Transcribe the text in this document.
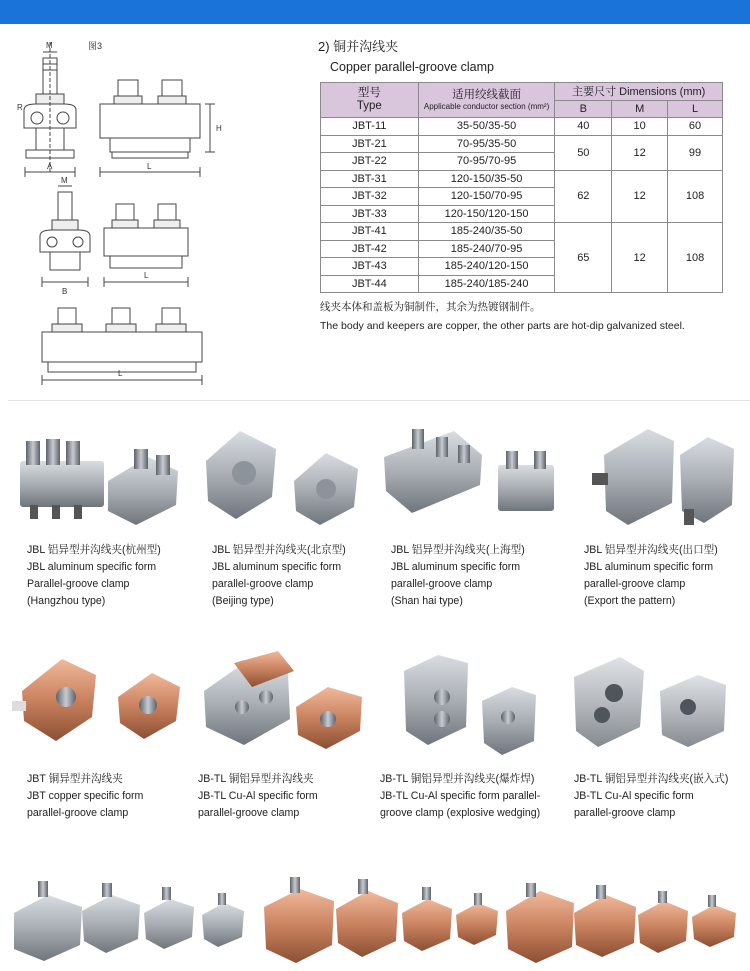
图3
M
R
A	L
H
M
B
L
L
2) 铜并沟线夹
Copper parallel-groove clamp
型号
Type	适用绞线截面
Applicable conductor section (mm²)	主要尺寸 Dimensions (mm)		
		B	M	L
JBT-11	35-50/35-50	40	10	60
JBT-21	70-95/35-50	50	12	99
JBT-22	70-95/70-95			
JBT-31	120-150/35-50	62	12	108
JBT-32	120-150/70-95			
JBT-33	120-150/120-150			
JBT-41	185-240/35-50	65	12	108
JBT-42	185-240/70-95			
JBT-43	185-240/120-150			
JBT-44	185-240/185-240			
线夹本体和盖板为铜制件，其余为热镀钢制件。
The body and keepers are copper, the other parts are hot-dip galvanized steel.
JBL 铝异型并沟线夹(杭州型)
JBL aluminum specific form
Parallel-groove clamp
(Hangzhou type)
JBL 铝异型并沟线夹(北京型)
JBL aluminum specific form
parallel-groove clamp
(Beijing type)
JBL 铝异型并沟线夹(上海型)
JBL aluminum specific form
parallel-groove clamp
(Shan hai type)
JBL 铝异型并沟线夹(出口型)
JBL aluminum specific form
parallel-groove clamp
(Export the pattern)
JBT 铜异型并沟线夹
JBT copper specific form
parallel-groove clamp
JB-TL 铜铝异型并沟线夹
JB-TL Cu-Al specific form
parallel-groove clamp
JB-TL 铜铝异型并沟线夹(爆炸焊)
JB-TL Cu-Al specific form parallel-
groove clamp (explosive wedging)
JB-TL 铜铝异型并沟线夹(嵌入式)
JB-TL Cu-Al specific form
parallel-groove clamp
